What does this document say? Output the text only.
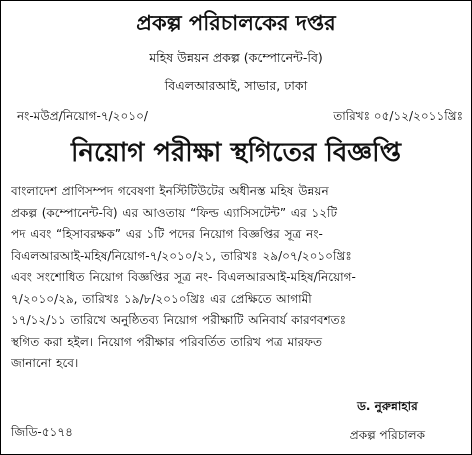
প্রকল্প পরিচালকের দপ্তর
মহিষ উন্নয়ন প্রকল্প (কম্পোনেন্ট-বি)
বিএলআরআই, সাভার, ঢাকা
নং-মউপ্র/নিয়োগ-৭/২০১০/	তারিখঃ ০৫/১২/২০১১খ্রিঃ
নিয়োগ পরীক্ষা স্থগিতের বিজ্ঞপ্তি
বাংলাদেশ প্রাণিসম্পদ গবেষণা ইনস্টিটিউটের অধীনস্ত মহিষ উন্নয়ন
প্রকল্প (কম্পোনেন্ট-বি) এর আওতায় “ফিল্ড এ্যাসিসটেন্ট” এর ১২টি
পদ এবং “হিসাবরক্ষক” এর ১টি পদের নিয়োগ বিজ্ঞপ্তির সূত্র নং-
বিএলআরআই-মহিষ/নিয়োগ-৭/২০১০/২১, তারিখঃ ২৯/০৭/২০১০খ্রিঃ
এবং সংশোধিত নিয়োগ বিজ্ঞপ্তির সূত্র নং- বিএলআরআই-মহিষ/নিয়োগ-
৭/২০১০/২৯, তারিখঃ ১৯/৮/২০১০খ্রিঃ এর প্রেক্ষিতে আগামী
১৭/১২/১১ তারিখে অনুষ্ঠিতব্য নিয়োগ পরীক্ষাটি অনিবার্য কারণবশতঃ
স্থগিত করা হইল। নিয়োগ পরীক্ষার পরিবর্তিত তারিখ পত্র মারফত
জানানো হবে।
ড. নুরুন্নাহার
প্রকল্প পরিচালক
জিডি-৫১৭৪
